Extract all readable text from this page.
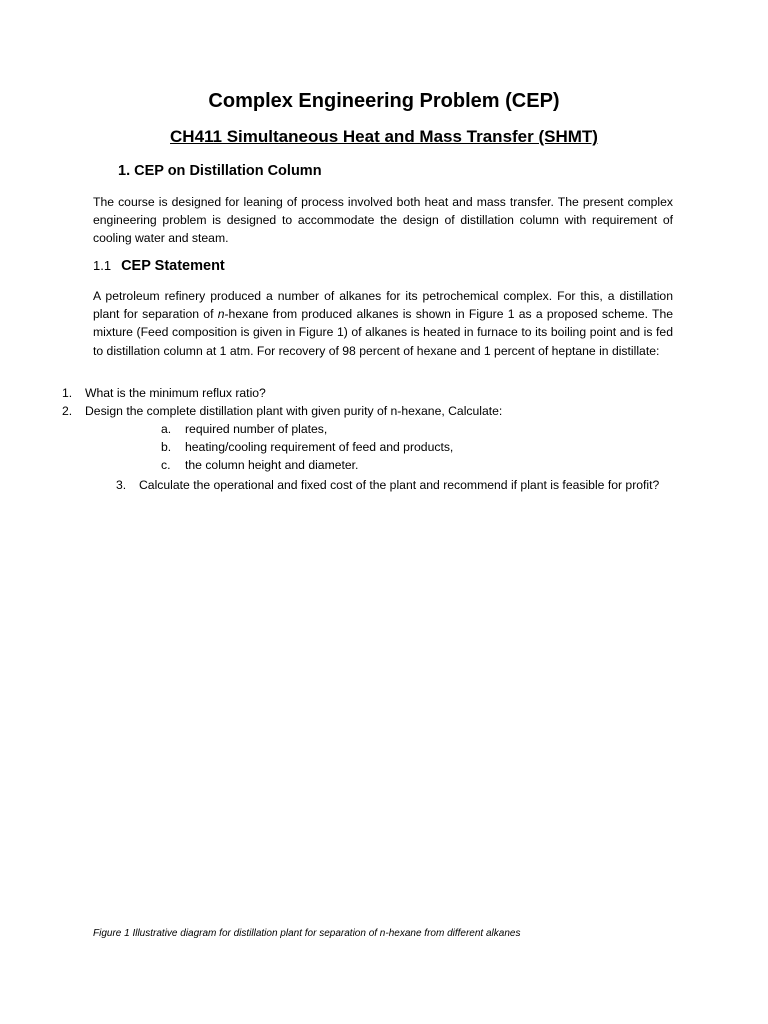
Complex Engineering Problem (CEP)
CH411 Simultaneous Heat and Mass Transfer (SHMT)
1. CEP on Distillation Column

The course is designed for leaning of process involved both heat and mass transfer. The present complex engineering problem is designed to accommodate the design of distillation column with requirement of cooling water and steam.

1.1 CEP Statement

A petroleum refinery produced a number of alkanes for its petrochemical complex. For this, a distillation plant for separation of n-hexane from produced alkanes is shown in Figure 1 as a proposed scheme. The mixture (Feed composition is given in Figure 1) of alkanes is heated in furnace to its boiling point and is fed to distillation column at 1 atm. For recovery of 98 percent of hexane and 1 percent of heptane in distillate:

1. What is the minimum reflux ratio?
2. Design the complete distillation plant with given purity of n-hexane, Calculate:
a. required number of plates,
b. heating/cooling requirement of feed and products,
c. the column height and diameter.
3. Calculate the operational and fixed cost of the plant and recommend if plant is feasible for profit?

Figure 1 Illustrative diagram for distillation plant for separation of n-hexane from different alkanes
